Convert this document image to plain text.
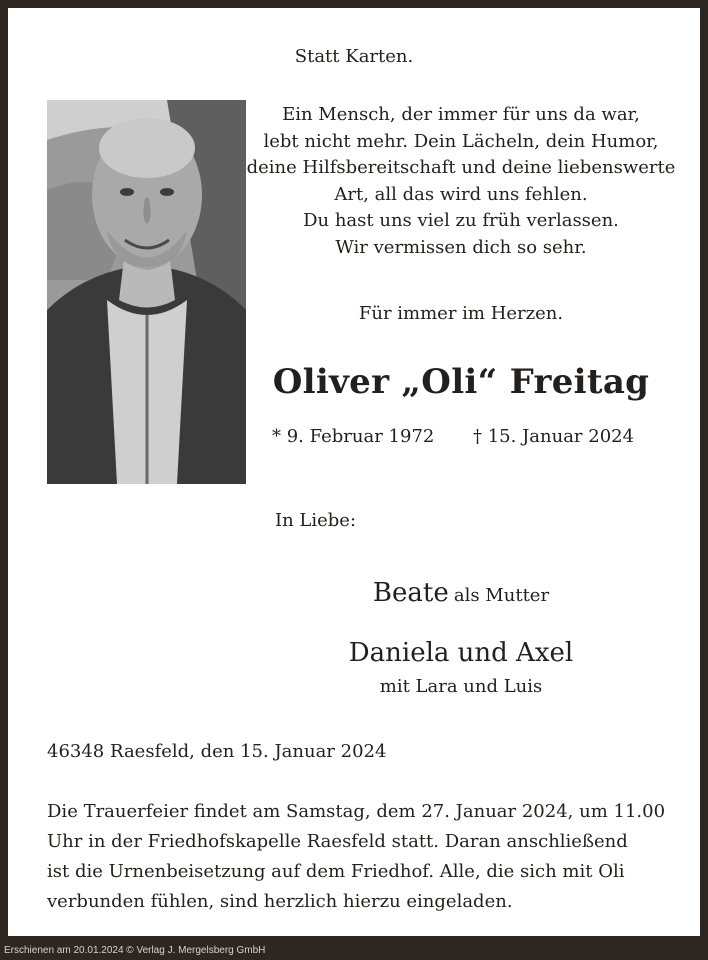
Statt Karten.
Ein Mensch, der immer für uns da war,
lebt nicht mehr. Dein Lächeln, dein Humor,
deine Hilfsbereitschaft und deine liebenswerte
Art, all das wird uns fehlen.
Du hast uns viel zu früh verlassen.
Wir vermissen dich so sehr.
Für immer im Herzen.
Oliver „Oli“ Freitag
* 9. Februar 1972 † 15. Januar 2024
In Liebe:
Beate als Mutter
Daniela und Axel
mit Lara und Luis
46348 Raesfeld, den 15. Januar 2024
Die Trauerfeier findet am Samstag, dem 27. Januar 2024, um 11.00
Uhr in der Friedhofskapelle Raesfeld statt. Daran anschließend
ist die Urnenbeisetzung auf dem Friedhof. Alle, die sich mit Oli
verbunden fühlen, sind herzlich hierzu eingeladen.
Erschienen am 20.01.2024 © Verlag J. Mergelsberg GmbH
